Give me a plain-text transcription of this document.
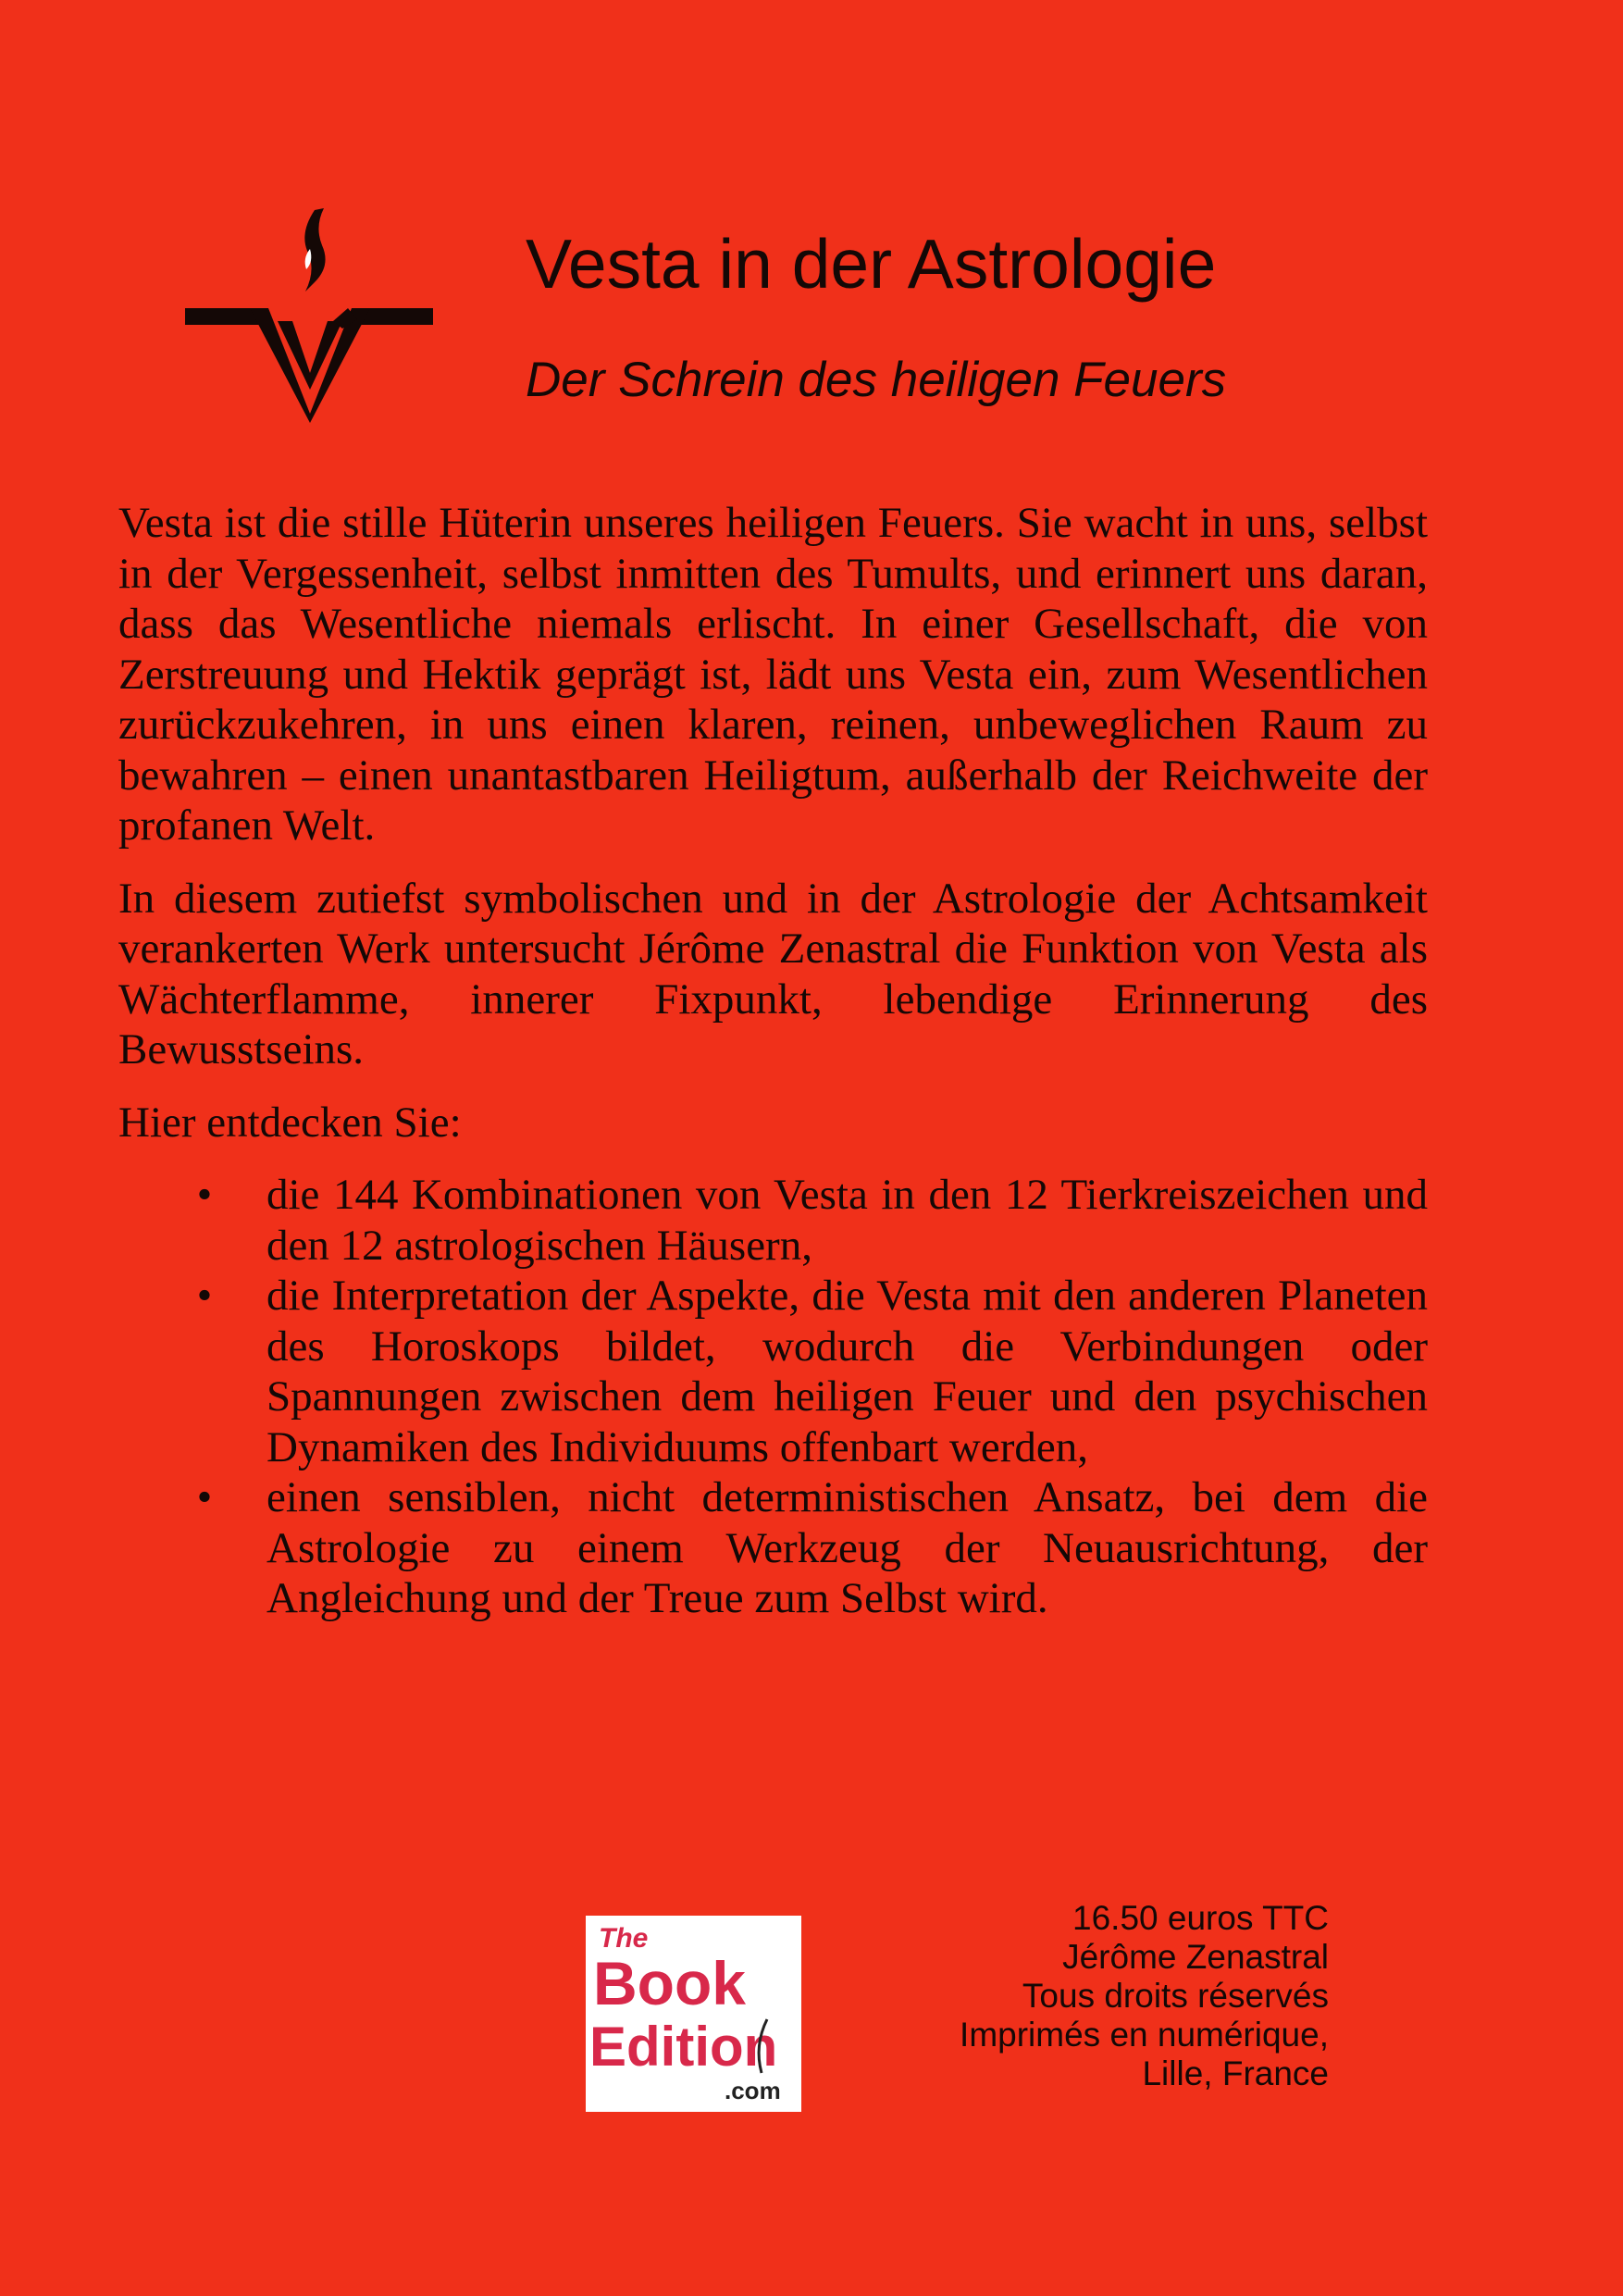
Vesta in der Astrologie
Der Schrein des heiligen Feuers

Vesta ist die stille Hüterin unseres heiligen Feuers. Sie wacht in uns, selbst in der Vergessenheit, selbst inmitten des Tumults, und erinnert uns daran, dass das Wesentliche niemals erlischt. In einer Gesellschaft, die von Zerstreuung und Hektik geprägt ist, lädt uns Vesta ein, zum Wesentlichen zurückzukehren, in uns einen klaren, reinen, unbeweglichen Raum zu bewahren – einen unantastbaren Heiligtum, außerhalb der Reichweite der profanen Welt.

In diesem zutiefst symbolischen und in der Astrologie der Achtsamkeit verankerten Werk untersucht Jérôme Zenastral die Funktion von Vesta als Wächterflamme, innerer Fixpunkt, lebendige Erinnerung des Bewusstseins.

Hier entdecken Sie:

• die 144 Kombinationen von Vesta in den 12 Tierkreiszeichen und den 12 astrologischen Häusern,
• die Interpretation der Aspekte, die Vesta mit den anderen Planeten des Horoskops bildet, wodurch die Verbindungen oder Spannungen zwischen dem heiligen Feuer und den psychischen Dynamiken des Individuums offenbart werden,
• einen sensiblen, nicht deterministischen Ansatz, bei dem die Astrologie zu einem Werkzeug der Neuausrichtung, der Angleichung und der Treue zum Selbst wird.
The
Book
Edition
.com
16.50 euros TTC
Jérôme Zenastral
Tous droits réservés
Imprimés en numérique,
Lille, France
